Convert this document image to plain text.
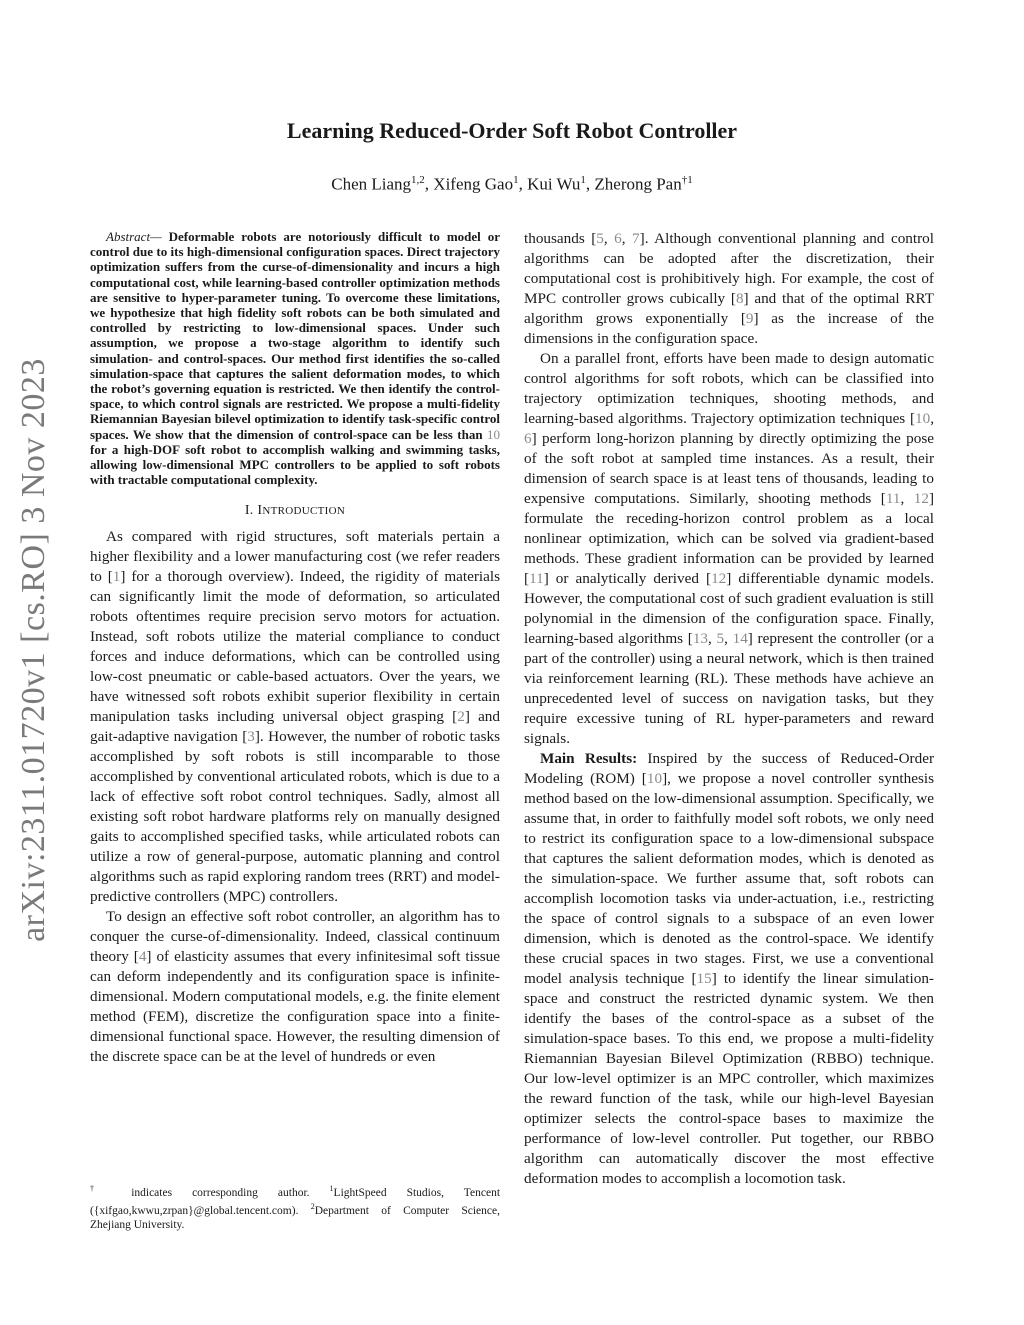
arXiv:2311.01720v1 [cs.RO] 3 Nov 2023
Learning Reduced-Order Soft Robot Controller
Chen Liang$^{1,2}$, Xifeng Gao$^1$, Kui Wu$^1$, Zherong Pan$^{\dagger 1}$

Abstract— Deformable robots are notoriously difficult to model or control due to its high-dimensional configuration spaces. Direct trajectory optimization suffers from the curse-of-dimensionality and incurs a high computational cost, while learning-based controller optimization methods are sensitive to hyper-parameter tuning. To overcome these limitations, we hypothesize that high fidelity soft robots can be both simulated and controlled by restricting to low-dimensional spaces. Under such assumption, we propose a two-stage algorithm to identify such simulation- and control-spaces. Our method first identifies the so-called simulation-space that captures the salient deformation modes, to which the robot’s governing equation is restricted. We then identify the control-space, to which control signals are restricted. We propose a multi-fidelity Riemannian Bayesian bilevel optimization to identify task-specific control spaces. We show that the dimension of control-space can be less than 10 for a high-DOF soft robot to accomplish walking and swimming tasks, allowing low-dimensional MPC controllers to be applied to soft robots with tractable computational complexity.

I. INTRODUCTION

As compared with rigid structures, soft materials pertain a higher flexibility and a lower manufacturing cost (we refer readers to [1] for a thorough overview). Indeed, the rigidity of materials can significantly limit the mode of deformation, so articulated robots oftentimes require precision servo motors for actuation. Instead, soft robots utilize the material compliance to conduct forces and induce deformations, which can be controlled using low-cost pneumatic or cable-based actuators. Over the years, we have witnessed soft robots exhibit superior flexibility in certain manipulation tasks including universal object grasping [2] and gait-adaptive navigation [3]. However, the number of robotic tasks accomplished by soft robots is still incomparable to those accomplished by conventional articulated robots, which is due to a lack of effective soft robot control techniques. Sadly, almost all existing soft robot hardware platforms rely on manually designed gaits to accomplished specified tasks, while articulated robots can utilize a row of general-purpose, automatic planning and control algorithms such as rapid exploring random trees (RRT) and model-predictive controllers (MPC) controllers.

To design an effective soft robot controller, an algorithm has to conquer the curse-of-dimensionality. Indeed, classical continuum theory [4] of elasticity assumes that every infinitesimal soft tissue can deform independently and its configuration space is infinite-dimensional. Modern computational models, e.g. the finite element method (FEM), discretize the configuration space into a finite-dimensional functional space. However, the resulting dimension of the discrete space can be at the level of hundreds or even

† indicates corresponding author.	$^1$LightSpeed Studios, Tencent ({xifgao,kwwu,zrpan}@global.tencent.com). $^2$Department of Computer Science, Zhejiang University.

thousands [5, 6, 7]. Although conventional planning and control algorithms can be adopted after the discretization, their computational cost is prohibitively high. For example, the cost of MPC controller grows cubically [8] and that of the optimal RRT algorithm grows exponentially [9] as the increase of the dimensions in the configuration space.

On a parallel front, efforts have been made to design automatic control algorithms for soft robots, which can be classified into trajectory optimization techniques, shooting methods, and learning-based algorithms. Trajectory optimization techniques [10, 6] perform long-horizon planning by directly optimizing the pose of the soft robot at sampled time instances. As a result, their dimension of search space is at least tens of thousands, leading to expensive computations. Similarly, shooting methods [11, 12] formulate the receding-horizon control problem as a local nonlinear optimization, which can be solved via gradient-based methods. These gradient information can be provided by learned [11] or analytically derived [12] differentiable dynamic models. However, the computational cost of such gradient evaluation is still polynomial in the dimension of the configuration space. Finally, learning-based algorithms [13, 5, 14] represent the controller (or a part of the controller) using a neural network, which is then trained via reinforcement learning (RL). These methods have achieve an unprecedented level of success on navigation tasks, but they require excessive tuning of RL hyper-parameters and reward signals.

Main Results: Inspired by the success of Reduced-Order Modeling (ROM) [10], we propose a novel controller synthesis method based on the low-dimensional assumption. Specifically, we assume that, in order to faithfully model soft robots, we only need to restrict its configuration space to a low-dimensional subspace that captures the salient deformation modes, which is denoted as the simulation-space. We further assume that, soft robots can accomplish locomotion tasks via under-actuation, i.e., restricting the space of control signals to a subspace of an even lower dimension, which is denoted as the control-space. We identify these crucial spaces in two stages. First, we use a conventional model analysis technique [15] to identify the linear simulation-space and construct the restricted dynamic system. We then identify the bases of the control-space as a subset of the simulation-space bases. To this end, we propose a multi-fidelity Riemannian Bayesian Bilevel Optimization (RBBO) technique. Our low-level optimizer is an MPC controller, which maximizes the reward function of the task, while our high-level Bayesian optimizer selects the control-space bases to maximize the performance of low-level controller. Put together, our RBBO algorithm can automatically discover the most effective deformation modes to accomplish a locomotion task.
